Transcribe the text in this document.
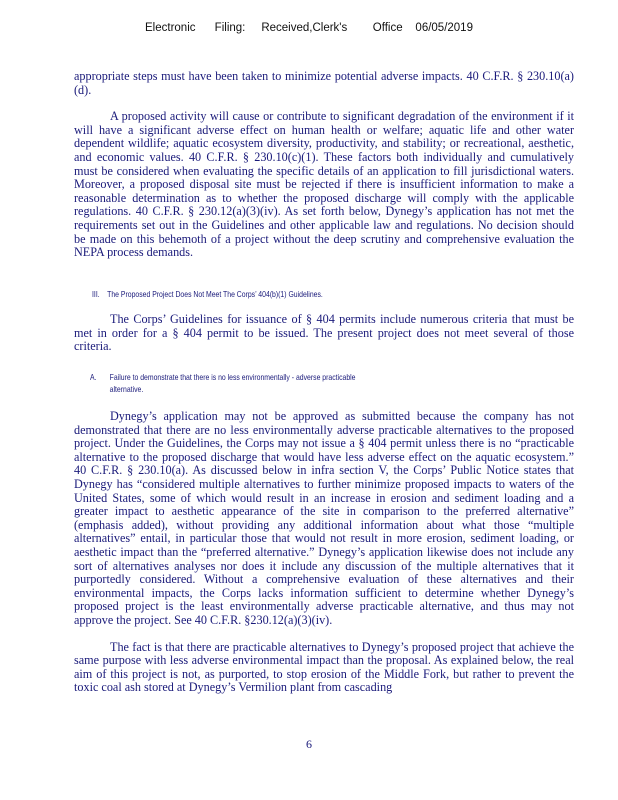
Electronic      Filing:     Received,Clerk's        Office    06/05/2019

appropriate steps must have been taken to minimize potential adverse impacts. 40 C.F.R. § 230.10(a)(d).

A proposed activity will cause or contribute to significant degradation of the environment if it will have a significant adverse effect on human health or welfare; aquatic life and other water dependent wildlife; aquatic ecosystem diversity, productivity, and stability; or recreational, aesthetic, and economic values. 40 C.F.R. § 230.10(c)(1). These factors both individually and cumulatively must be considered when evaluating the specific details of an application to fill jurisdictional waters. Moreover, a proposed disposal site must be rejected if there is insufficient information to make a reasonable determination as to whether the proposed discharge will comply with the applicable regulations. 40 C.F.R. § 230.12(a)(3)(iv). As set forth below, Dynegy’s application has not met the requirements set out in the Guidelines and other applicable law and regulations. No decision should be made on this behemoth of a project without the deep scrutiny and comprehensive evaluation the NEPA process demands.

III. The Proposed Project Does Not Meet The Corps’ 404(b)(1) Guidelines.

The Corps’ Guidelines for issuance of § 404 permits include numerous criteria that must be met in order for a § 404 permit to be issued. The present project does not meet several of those criteria.

A. Failure to demonstrate that there is no less environmentally - adverse practicable
alternative.

Dynegy’s application may not be approved as submitted because the company has not demonstrated that there are no less environmentally adverse practicable alternatives to the proposed project. Under the Guidelines, the Corps may not issue a § 404 permit unless there is no “practicable alternative to the proposed discharge that would have less adverse effect on the aquatic ecosystem.” 40 C.F.R. § 230.10(a). As discussed below in infra section V, the Corps’ Public Notice states that Dynegy has “considered multiple alternatives to further minimize proposed impacts to waters of the United States, some of which would result in an increase in erosion and sediment loading and a greater impact to aesthetic appearance of the site in comparison to the preferred alternative” (emphasis added), without providing any additional information about what those “multiple alternatives” entail, in particular those that would not result in more erosion, sediment loading, or aesthetic impact than the “preferred alternative.” Dynegy’s application likewise does not include any sort of alternatives analyses nor does it include any discussion of the multiple alternatives that it purportedly considered. Without a comprehensive evaluation of these alternatives and their environmental impacts, the Corps lacks information sufficient to determine whether Dynegy’s proposed project is the least environmentally adverse practicable alternative, and thus may not approve the project. See 40 C.F.R. §230.12(a)(3)(iv).

The fact is that there are practicable alternatives to Dynegy’s proposed project that achieve the same purpose with less adverse environmental impact than the proposal. As explained below, the real aim of this project is not, as purported, to stop erosion of the Middle Fork, but rather to prevent the toxic coal ash stored at Dynegy’s Vermilion plant from cascading

6
